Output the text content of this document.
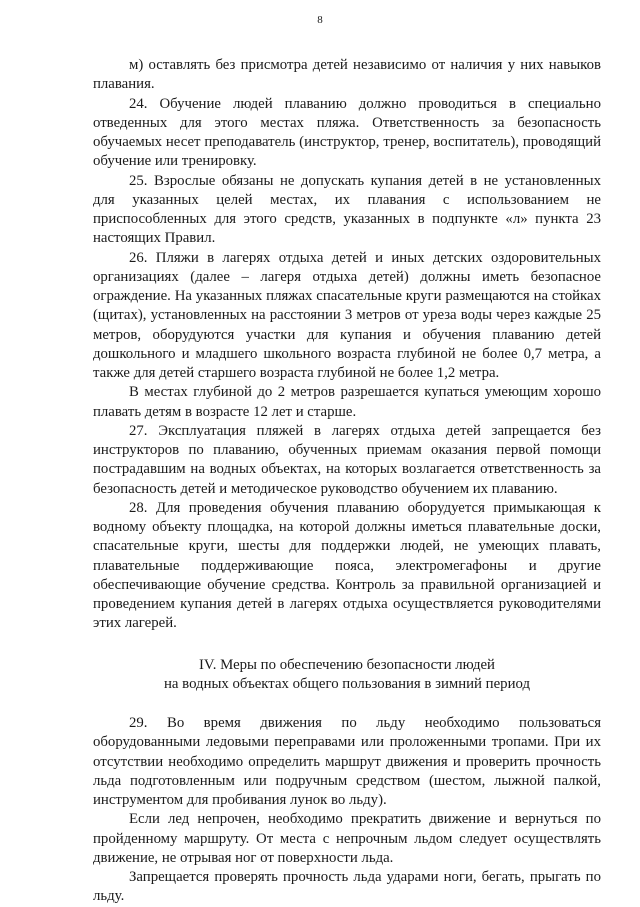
8

м) оставлять без присмотра детей независимо от наличия у них навыков плавания.

24. Обучение людей плаванию должно проводиться в специально отведенных для этого местах пляжа. Ответственность за безопасность обучаемых несет преподаватель (инструктор, тренер, воспитатель), проводящий обучение или тренировку.

25. Взрослые обязаны не допускать купания детей в не установленных для указанных целей местах, их плавания с использованием не приспособленных для этого средств, указанных в подпункте «л» пункта 23 настоящих Правил.

26. Пляжи в лагерях отдыха детей и иных детских оздоровительных организациях (далее – лагеря отдыха детей) должны иметь безопасное ограждение. На указанных пляжах спасательные круги размещаются на стойках (щитах), установленных на расстоянии 3 метров от уреза воды через каждые 25 метров, оборудуются участки для купания и обучения плаванию детей дошкольного и младшего школьного возраста глубиной не более 0,7 метра, а также для детей старшего возраста глубиной не более 1,2 метра.

В местах глубиной до 2 метров разрешается купаться умеющим хорошо плавать детям в возрасте 12 лет и старше.

27. Эксплуатация пляжей в лагерях отдыха детей запрещается без инструкторов по плаванию, обученных приемам оказания первой помощи пострадавшим на водных объектах, на которых возлагается ответственность за безопасность детей и методическое руководство обучением их плаванию.

28. Для проведения обучения плаванию оборудуется примыкающая к водному объекту площадка, на которой должны иметься плавательные доски, спасательные круги, шесты для поддержки людей, не умеющих плавать, плавательные поддерживающие пояса, электромегафоны и другие обеспечивающие обучение средства. Контроль за правильной организацией и проведением купания детей в лагерях отдыха осуществляется руководителями этих лагерей.

IV. Меры по обеспечению безопасности людей
на водных объектах общего пользования в зимний период

29. Во время движения по льду необходимо пользоваться оборудованными ледовыми переправами или проложенными тропами. При их отсутствии необходимо определить маршрут движения и проверить прочность льда подготовленным или подручным средством (шестом, лыжной палкой, инструментом для пробивания лунок во льду).

Если лед непрочен, необходимо прекратить движение и вернуться по пройденному маршруту. От места с непрочным льдом следует осуществлять движение, не отрывая ног от поверхности льда.

Запрещается проверять прочность льда ударами ноги, бегать, прыгать по льду.
